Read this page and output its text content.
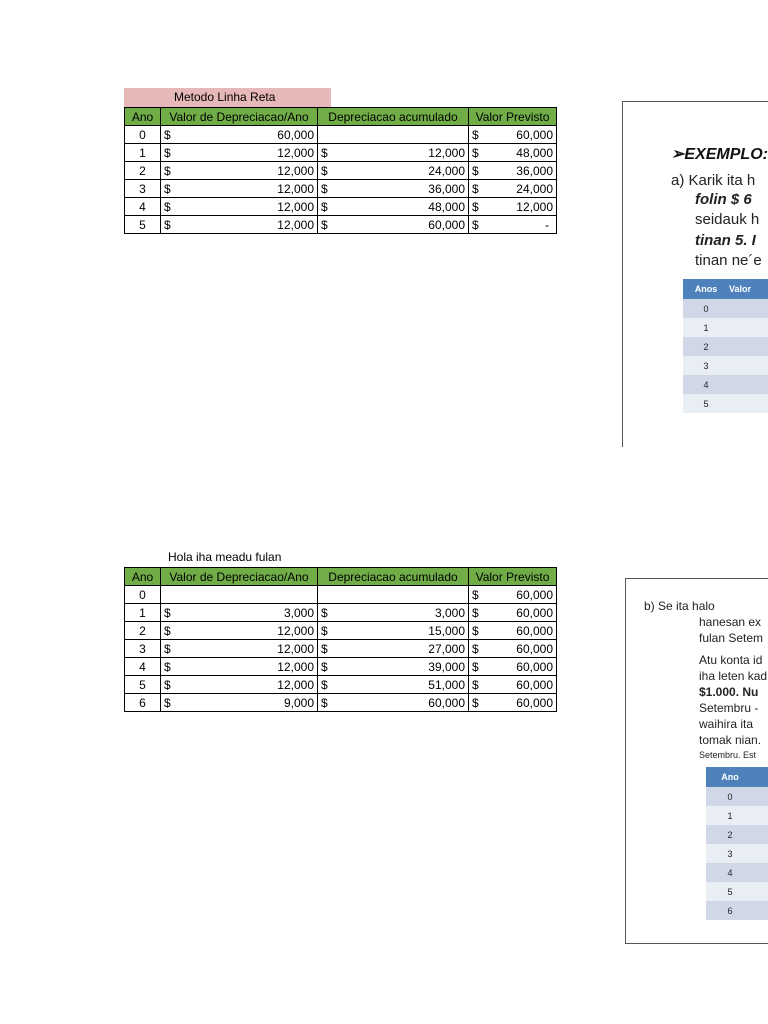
Metodo Linha Reta
Ano	Valor de Depreciacao/Ano	Depreciacao acumulado	Valor Previsto
0	$ 60,000		$ 60,000

1	$ 12,000	$ 12,000	$ 48,000

2	$ 12,000	$ 24,000	$ 36,000

3	$ 12,000	$ 36,000	$ 24,000

4	$ 12,000	$ 48,000	$ 12,000

5	$ 12,000	$ 60,000	$ -
Hola iha meadu fulan
Ano	Valor de Depreciacao/Ano	Depreciacao acumulado	Valor Previsto
0			$ 60,000

1	$ 3,000	$ 3,000	$ 60,000

2	$ 12,000	$ 15,000	$ 60,000

3	$ 12,000	$ 27,000	$ 60,000

4	$ 12,000	$ 39,000	$ 60,000

5	$ 12,000	$ 51,000	$ 60,000

6	$ 9,000	$ 60,000	$ 60,000
➢EXEMPLO:
a) Karik ita h
folin $ 6
seidauk h
tinan 5. I
tinan ne´e
Anos	Valor
0	
1	
2	
3	
4	
5	
b) Se ita halo
hanesan ex
fulan Setem
Atu konta id
iha leten kad
$1.000. Nu
Setembru -
waihira ita
tomak nian.
Setembru. Est
Ano	
0	
1	
2	
3	
4	
5	
6	
